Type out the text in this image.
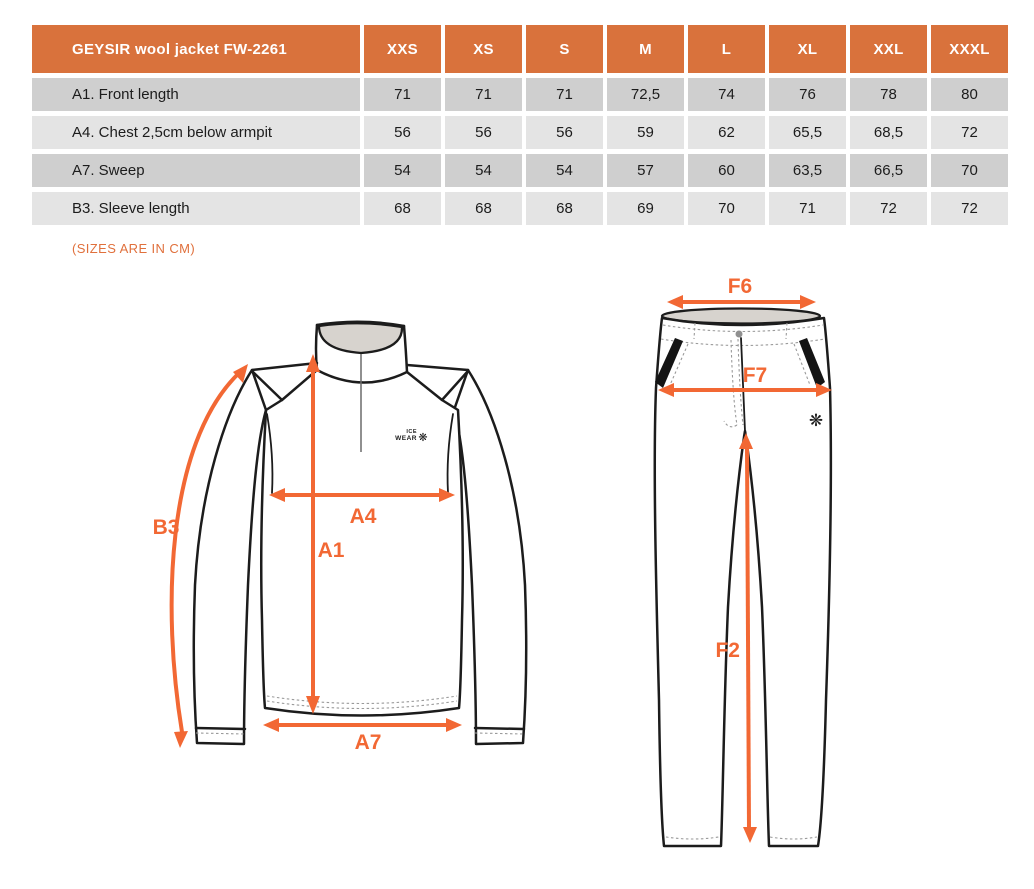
GEYSIR wool jacket FW-2261	XXS	XS	S	M	L	XL	XXL	XXXL
A1. Front length	71	71	71	72,5	74	76	78	80
A4. Chest 2,5cm below armpit	56	56	56	59	62	65,5	68,5	72
A7. Sweep	54	54	54	57	60	63,5	66,5	70
B3. Sleeve length	68	68	68	69	70	71	72	72
(SIZES ARE IN CM)
ICE
WEAR ❋
A1
A4
A7
B3
❋
F6
F7
F2
